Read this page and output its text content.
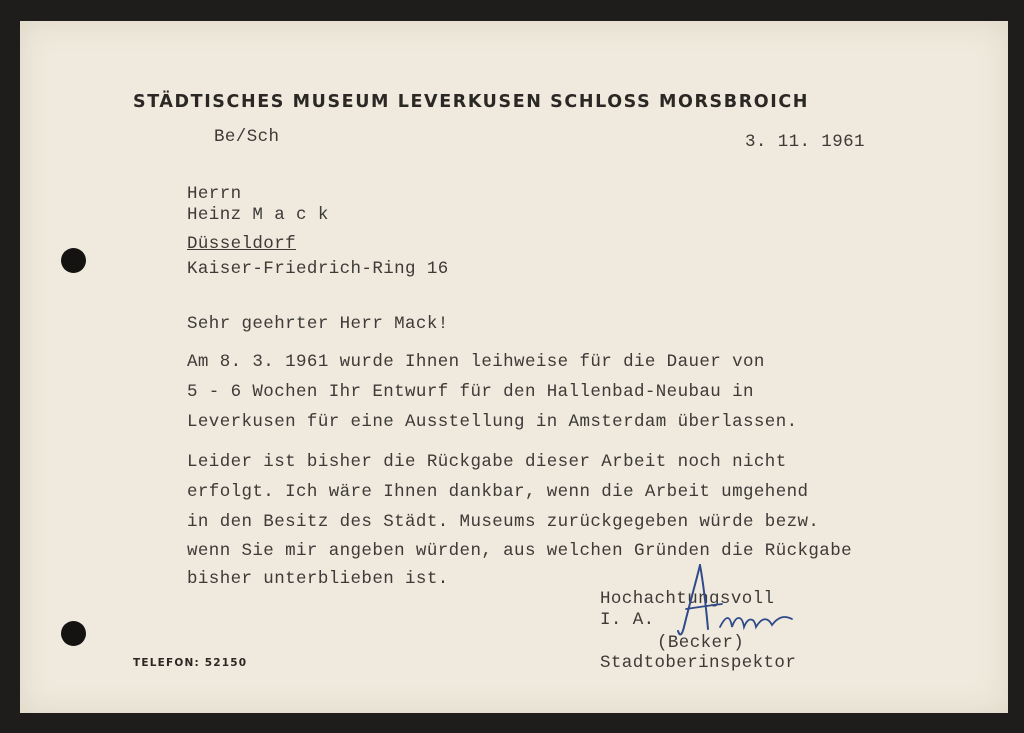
STÄDTISCHES MUSEUM LEVERKUSEN SCHLOSS MORSBROICH
Be/Sch	3. 11. 1961
Herrn
Heinz M a c k
Düsseldorf
Kaiser-Friedrich-Ring 16
Sehr geehrter Herr Mack!
Am 8. 3. 1961 wurde Ihnen leihweise für die Dauer von
5 - 6 Wochen Ihr Entwurf für den Hallenbad-Neubau in
Leverkusen für eine Ausstellung in Amsterdam überlassen.
Leider ist bisher die Rückgabe dieser Arbeit noch nicht
erfolgt. Ich wäre Ihnen dankbar, wenn die Arbeit umgehend
in den Besitz des Städt. Museums zurückgegeben würde bezw.
wenn Sie mir angeben würden, aus welchen Gründen die Rückgabe
bisher unterblieben ist.
Hochachtungsvoll
I. A.
(Becker)
Stadtoberinspektor
TELEFON: 52150
